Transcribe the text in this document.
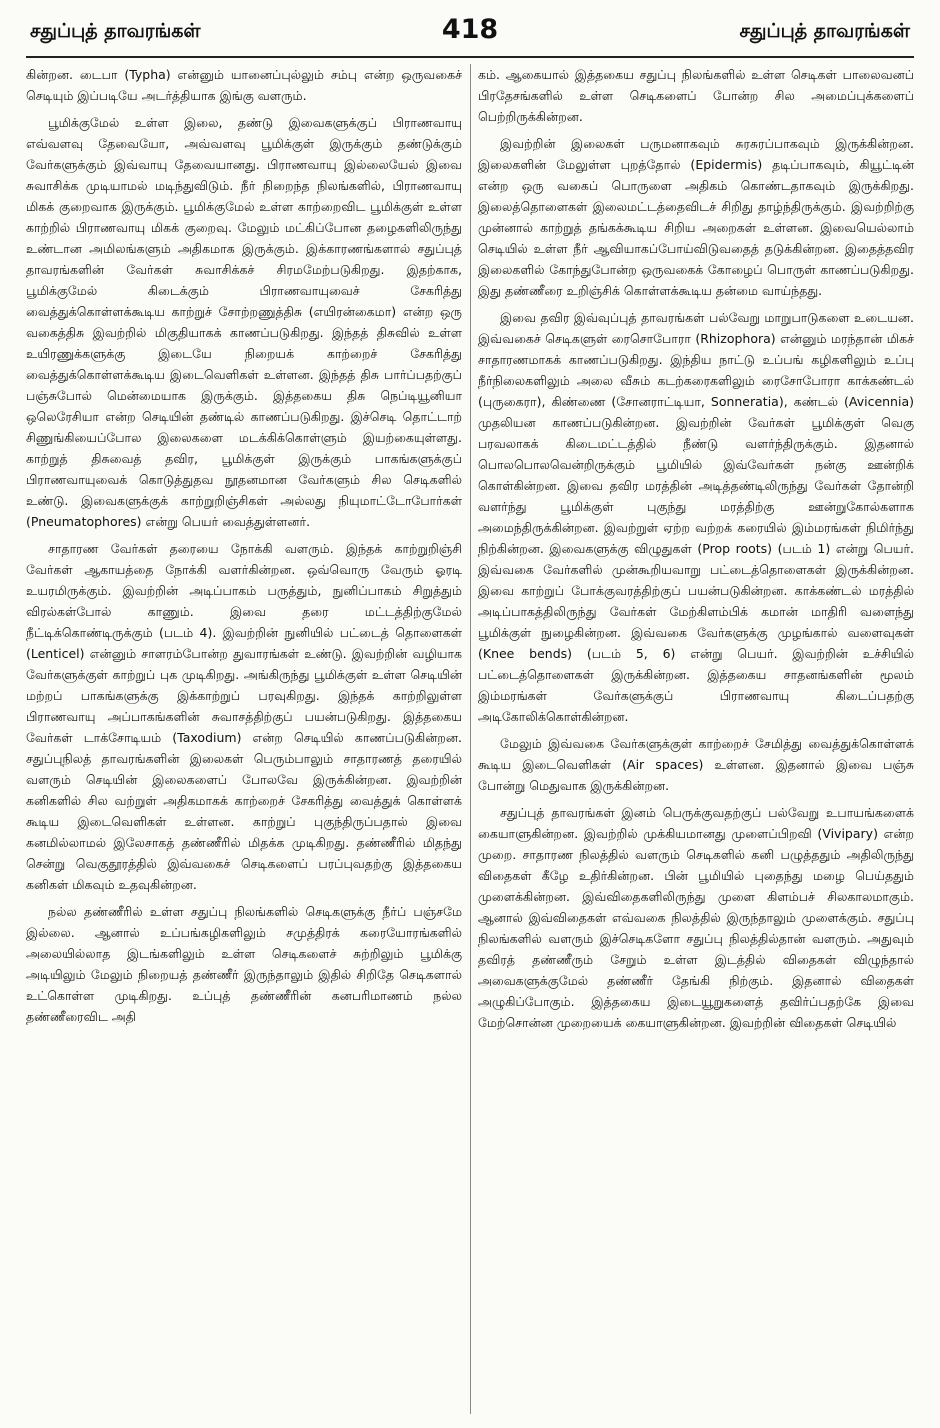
சதுப்புத் தாவரங்கள்	418	சதுப்புத் தாவரங்கள்

கின்றன. டைபா (Typha) என்னும் யானைப்புல்லும் சம்பு என்ற ஒருவகைச் செடியும் இப்படியே அடர்த்தியாக இங்கு வளரும்.

பூமிக்குமேல் உள்ள இலை, தண்டு இவைகளுக்குப் பிராணவாயு எவ்வளவு தேவையோ, அவ்வளவு பூமிக்குள் இருக்கும் தண்டுக்கும் வேர்களுக்கும் இவ்வாயு தேவையானது. பிராணவாயு இல்லையேல் இவை சுவாசிக்க முடியாமல் மடிந்துவிடும். நீர் நிறைந்த நிலங்களில், பிராணவாயு மிகக் குறைவாக இருக்கும். பூமிக்குமேல் உள்ள காற்றைவிட பூமிக்குள் உள்ள காற்றில் பிராணவாயு மிகக் குறைவு. மேலும் மட்கிப்போன தழைகளிலிருந்து உண்டான அமிலங்களும் அதிகமாக இருக்கும். இக்காரணங்களால் சதுப்புத் தாவரங்களின் வேர்கள் சுவாசிக்கச் சிரமமேற்படுகிறது. இதற்காக, பூமிக்குமேல் கிடைக்கும் பிராணவாயுவைச் சேகரித்து வைத்துக்கொள்ளக்கூடிய காற்றுச் சோற்றணுத்திசு (எயிரன்கைமா) என்ற ஒரு வகைத்திசு இவற்றில் மிகுதியாகக் காணப்படுகிறது. இந்தத் திசுவில் உள்ள உயிரணுக்களுக்கு இடையே நிறையக் காற்றைச் சேகரித்து வைத்துக்கொள்ளக்கூடிய இடைவெளிகள் உள்ளன. இந்தத் திசு பார்ப்பதற்குப் பஞ்சுபோல் மென்மையாக இருக்கும். இத்தகைய திசு நெப்டியூனியா ஒலெரேசியா என்ற செடியின் தண்டில் காணப்படுகிறது. இச்செடி தொட்டாற் சிணுங்கியைப்போல இலைகளை மடக்கிக்கொள்ளும் இயற்கையுள்ளது. காற்றுத் திசுவைத் தவிர, பூமிக்குள் இருக்கும் பாகங்களுக்குப் பிராணவாயுவைக் கொடுத்துதவ நூதனமான வேர்களும் சில செடிகளில் உண்டு. இவைகளுக்குக் காற்றுறிஞ்சிகள் அல்லது நியுமாட்டோபோர்கள் (Pneumatophores) என்று பெயர் வைத்துள்ளனர்.

சாதாரண வேர்கள் தரையை நோக்கி வளரும். இந்தக் காற்றுறிஞ்சி வேர்கள் ஆகாயத்தை நோக்கி வளர்கின்றன. ஒவ்வொரு வேரும் ஓரடி உயரமிருக்கும். இவற்றின் அடிப்பாகம் பருத்தும், நுனிப்பாகம் சிறுத்தும் விரல்கள்போல் காணும். இவை தரை மட்டத்திற்குமேல் நீட்டிக்கொண்டிருக்கும் (படம் 4). இவற்றின் நுனியில் பட்டைத் தொளைகள் (Lenticel) என்னும் சாளரம்போன்ற துவாரங்கள் உண்டு. இவற்றின் வழியாக வேர்களுக்குள் காற்றுப் புக முடிகிறது. அங்கிருந்து பூமிக்குள் உள்ள செடியின் மற்றப் பாகங்களுக்கு இக்காற்றுப் பரவுகிறது. இந்தக் காற்றிலுள்ள பிராணவாயு அப்பாகங்களின் சுவாசத்திற்குப் பயன்படுகிறது. இத்தகைய வேர்கள் டாக்சோடியம் (Taxodium) என்ற செடியில் காணப்படுகின்றன. சதுப்புநிலத் தாவரங்களின் இலைகள் பெரும்பாலும் சாதாரணத் தரையில் வளரும் செடியின் இலைகளைப் போலவே இருக்கின்றன. இவற்றின் கனிகளில் சில வற்றுள் அதிகமாகக் காற்றைச் சேகரித்து வைத்துக் கொள்ளக் கூடிய இடைவெளிகள் உள்ளன. காற்றுப் புகுந்திருப்பதால் இவை கனமில்லாமல் இலேசாகத் தண்ணீரில் மிதக்க முடிகிறது. தண்ணீரில் மிதந்து சென்று வெகுதூரத்தில் இவ்வகைச் செடிகளைப் பரப்புவதற்கு இத்தகைய கனிகள் மிகவும் உதவுகின்றன.

நல்ல தண்ணீரில் உள்ள சதுப்பு நிலங்களில் செடிகளுக்கு நீர்ப் பஞ்சமே இல்லை. ஆனால் உப்பங்கழிகளிலும் சமுத்திரக் கரையோரங்களில் அலையில்லாத இடங்களிலும் உள்ள செடிகளைச் சுற்றிலும் பூமிக்கு அடியிலும் மேலும் நிறையத் தண்ணீர் இருந்தாலும் இதில் சிறிதே செடிகளால் உட்கொள்ள முடிகிறது. உப்புத் தண்ணீரின் கனபரிமாணம் நல்ல தண்ணீரைவிட அதி

கம். ஆகையால் இத்தகைய சதுப்பு நிலங்களில் உள்ள செடிகள் பாலைவனப் பிரதேசங்களில் உள்ள செடிகளைப் போன்ற சில அமைப்புக்களைப் பெற்றிருக்கின்றன.

இவற்றின் இலைகள் பருமனாகவும் சுரசுரப்பாகவும் இருக்கின்றன. இலைகளின் மேலுள்ள புறத்தோல் (Epidermis) தடிப்பாகவும், கியூட்டின் என்ற ஒரு வகைப் பொருளை அதிகம் கொண்டதாகவும் இருக்கிறது. இலைத்தொளைகள் இலைமட்டத்தைவிடச் சிறிது தாழ்ந்திருக்கும். இவற்றிற்கு முன்னால் காற்றுத் தங்கக்கூடிய சிறிய அறைகள் உள்ளன. இவையெல்லாம் செடியில் உள்ள நீர் ஆவியாகப்போய்விடுவதைத் தடுக்கின்றன. இதைத்தவிர இலைகளில் கோந்துபோன்ற ஒருவகைக் கோழைப் பொருள் காணப்படுகிறது. இது தண்ணீரை உறிஞ்சிக் கொள்ளக்கூடிய தன்மை வாய்ந்தது.

இவை தவிர இவ்வுப்புத் தாவரங்கள் பல்வேறு மாறுபாடுகளை உடையன. இவ்வகைச் செடிகளுள் ரைசொபோரா (Rhizophora) என்னும் மரந்தான் மிகச் சாதாரணமாகக் காணப்படுகிறது. இந்திய நாட்டு உப்பங் கழிகளிலும் உப்பு நீர்நிலைகளிலும் அலை வீசும் கடற்கரைகளிலும் ரைசோபோரா காக்கண்டல் (புருகைரா), கிண்ணை (சோனராட்டியா, Sonneratia), கண்டல் (Avicennia) முதலியன காணப்படுகின்றன. இவற்றின் வேர்கள் பூமிக்குள் வெகு பரவலாகக் கிடைமட்டத்தில் நீண்டு வளர்ந்திருக்கும். இதனால் பொலபொலவென்றிருக்கும் பூமியில் இவ்வேர்கள் நன்கு ஊன்றிக் கொள்கின்றன. இவை தவிர மரத்தின் அடித்தண்டிலிருந்து வேர்கள் தோன்றி வளர்ந்து பூமிக்குள் புகுந்து மரத்திற்கு ஊன்றுகோல்களாக அமைந்திருக்கின்றன. இவற்றுள் ஏற்ற வற்றக் கரையில் இம்மரங்கள் நிமிர்ந்து நிற்கின்றன. இவைகளுக்கு விழுதுகள் (Prop roots) (படம் 1) என்று பெயர். இவ்வகை வேர்களில் முன்கூறியவாறு பட்டைத்தொளைகள் இருக்கின்றன. இவை காற்றுப் போக்குவரத்திற்குப் பயன்படுகின்றன. காக்கண்டல் மரத்தில் அடிப்பாகத்திலிருந்து வேர்கள் மேற்கிளம்பிக் கமான் மாதிரி வளைந்து பூமிக்குள் நுழைகின்றன. இவ்வகை வேர்களுக்கு முழங்கால் வளைவுகள் (Knee bends) (படம் 5, 6) என்று பெயர். இவற்றின் உச்சியில் பட்டைத்தொளைகள் இருக்கின்றன. இத்தகைய சாதனங்களின் மூலம் இம்மரங்கள் வேர்களுக்குப் பிராணவாயு கிடைப்பதற்கு அடிகோலிக்கொள்கின்றன.

மேலும் இவ்வகை வேர்களுக்குள் காற்றைச் சேமித்து வைத்துக்கொள்ளக் கூடிய இடைவெளிகள் (Air spaces) உள்ளன. இதனால் இவை பஞ்சு போன்று மெதுவாக இருக்கின்றன.

சதுப்புத் தாவரங்கள் இனம் பெருக்குவதற்குப் பல்வேறு உபாயங்களைக் கையாளுகின்றன. இவற்றில் முக்கியமானது முளைப்பிறவி (Vivipary) என்ற முறை. சாதாரண நிலத்தில் வளரும் செடிகளில் கனி பழுத்ததும் அதிலிருந்து விதைகள் கீழே உதிர்கின்றன. பின் பூமியில் புதைந்து மழை பெய்ததும் முளைக்கின்றன. இவ்விதைகளிலிருந்து முளை கிளம்பச் சிலகாலமாகும். ஆனால் இவ்விதைகள் எவ்வகை நிலத்தில் இருந்தாலும் முளைக்கும். சதுப்பு நிலங்களில் வளரும் இச்செடிகளோ சதுப்பு நிலத்தில்தான் வளரும். அதுவும் தவிரத் தண்ணீரும் சேறும் உள்ள இடத்தில் விதைகள் விழுந்தால் அவைகளுக்குமேல் தண்ணீர் தேங்கி நிற்கும். இதனால் விதைகள் அழுகிப்போகும். இத்தகைய இடையூறுகளைத் தவிர்ப்பதற்கே இவை மேற்சொன்ன முறையைக் கையாளுகின்றன. இவற்றின் விதைகள் செடியில்
